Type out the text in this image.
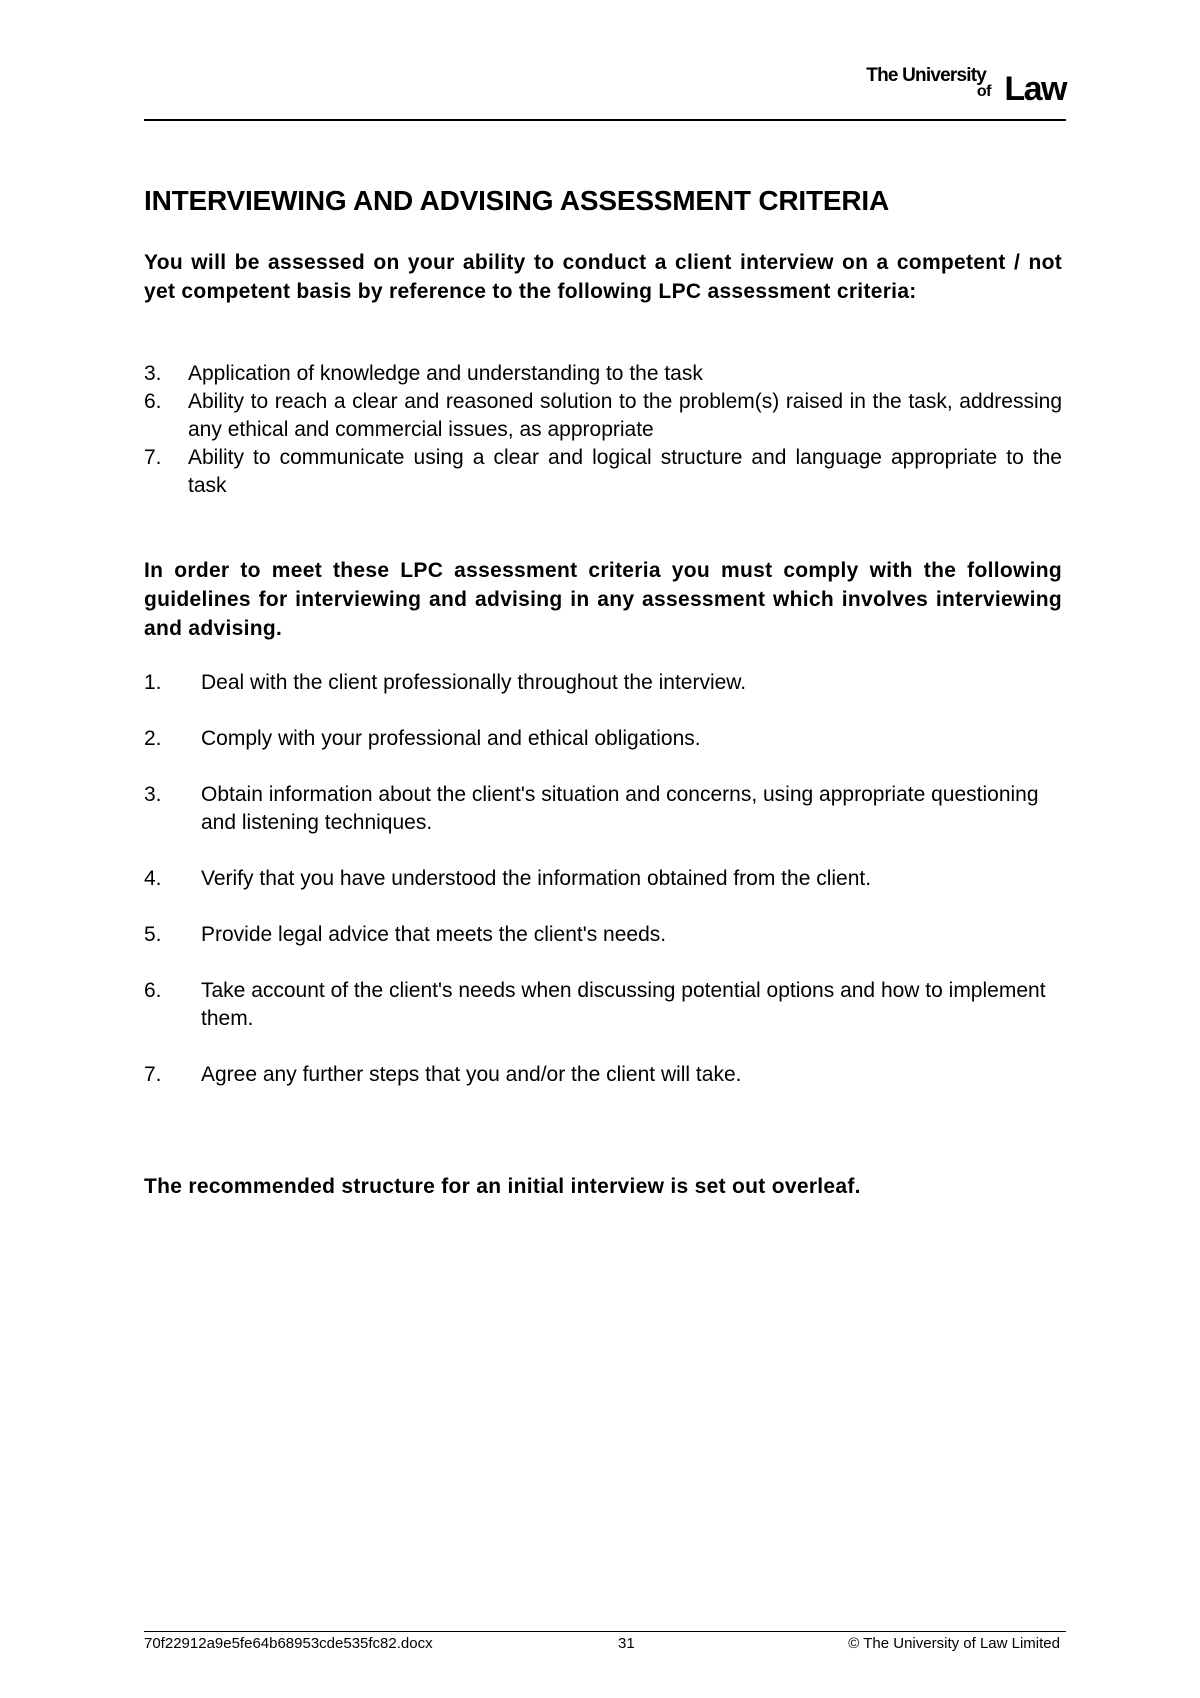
The University
of Law
INTERVIEWING AND ADVISING ASSESSMENT CRITERIA
You will be assessed on your ability to conduct a client interview on a competent / not yet competent basis by reference to the following LPC assessment criteria:
3.	Application of knowledge and understanding to the task
6.	Ability to reach a clear and reasoned solution to the problem(s) raised in the task, addressing any ethical and commercial issues, as appropriate
7.	Ability to communicate using a clear and logical structure and language appropriate to the task
In order to meet these LPC assessment criteria you must comply with the following guidelines for interviewing and advising in any assessment which involves interviewing and advising.
1.	Deal with the client professionally throughout the interview.
2.	Comply with your professional and ethical obligations.
3.	Obtain information about the client's situation and concerns, using appropriate questioning and listening techniques.
4.	Verify that you have understood the information obtained from the client.
5.	Provide legal advice that meets the client's needs.
6.	Take account of the client's needs when discussing potential options and how to implement them.
7.	Agree any further steps that you and/or the client will take.
The recommended structure for an initial interview is set out overleaf.
70f22912a9e5fe64b68953cde535fc82.docx	31	© The University of Law Limited
